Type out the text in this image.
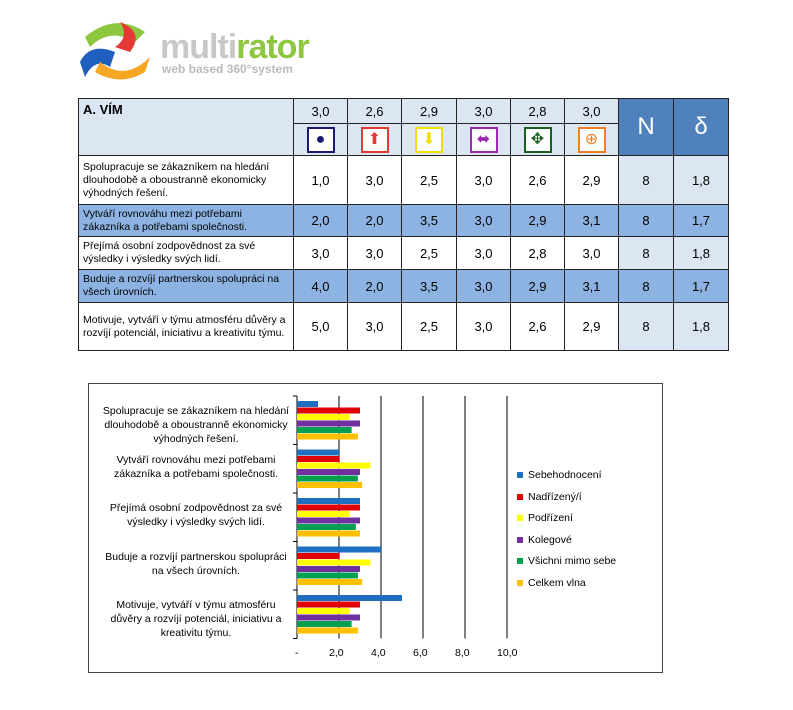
multirator
web based 360°system
A. VÍM	3,0	2,6	2,9	3,0	2,8	3,0	N	δ
	●	⬆	⬇	⬌	✥	⊕		
Spolupracuje se zákazníkem na hledání dlouhodobě a oboustranně ekonomicky výhodných řešení.	1,0	3,0	2,5	3,0	2,6	2,9	8	1,8
Vytváří rovnováhu mezi potřebami zákazníka a potřebami společnosti.	2,0	2,0	3,5	3,0	2,9	3,1	8	1,7
Přejímá osobní zodpovědnost za své výsledky i výsledky svých lidí.	3,0	3,0	2,5	3,0	2,8	3,0	8	1,8
Buduje a rozvíjí partnerskou spolupráci na všech úrovních.	4,0	2,0	3,5	3,0	2,9	3,1	8	1,7
Motivuje, vytváří v týmu atmosféru důvěry a rozvíjí potenciál, iniciativu a kreativitu týmu.	5,0	3,0	2,5	3,0	2,6	2,9	8	1,8
Spolupracuje se zákazníkem na hledání dlouhodobě a oboustranně ekonomicky výhodných řešení.
Vytváří rovnováhu mezi potřebami zákazníka a potřebami společnosti.
Přejímá osobní zodpovědnost za své výsledky i výsledky svých lidí.
Buduje a rozvíjí partnerskou spolupráci na všech úrovních.
Motivuje, vytváří v týmu atmosféru důvěry a rozvíjí potenciál, iniciativu a kreativitu týmu.
Sebehodnocení
Nadřízený/í
Podřízení
Kolegové
Všichni mimo sebe
Celkem vlna
-	2,0	4,0	6,0	8,0	10,0
